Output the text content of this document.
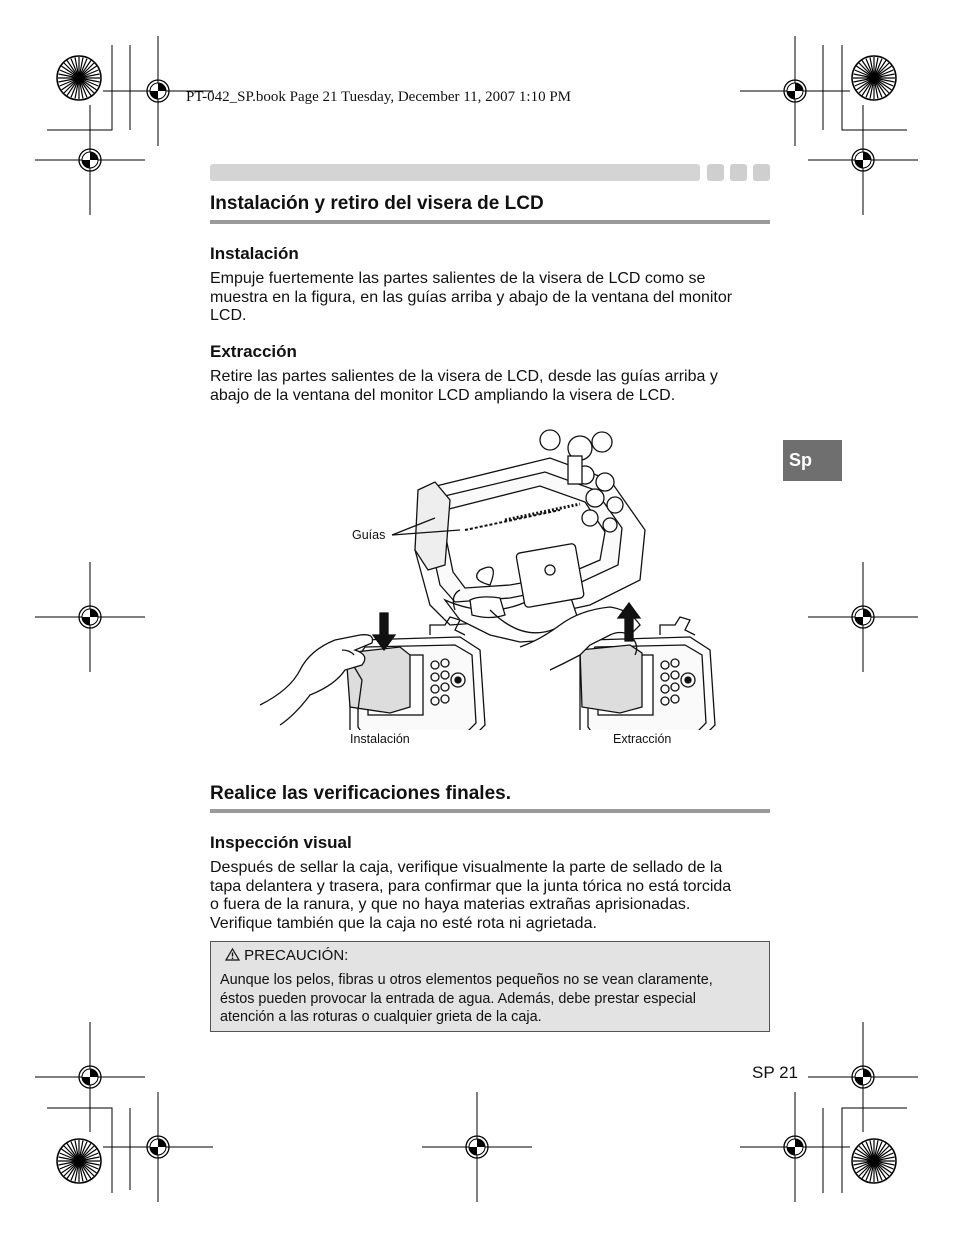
PT-042_SP.book Page 21 Tuesday, December 11, 2007 1:10 PM
Instalación y retiro del visera de LCD
Instalación
Empuje fuertemente las partes salientes de la visera de LCD como se
muestra en la figura, en las guías arriba y abajo de la ventana del monitor
LCD.
Extracción
Retire las partes salientes de la visera de LCD, desde las guías arriba y
abajo de la ventana del monitor LCD ampliando la visera de LCD.
Sp
Guías
Instalación	Extracción
Realice las verificaciones finales.
Inspección visual
Después de sellar la caja, verifique visualmente la parte de sellado de la
tapa delantera y trasera, para confirmar que la junta tórica no está torcida
o fuera de la ranura, y que no haya materias extrañas aprisionadas.
Verifique también que la caja no esté rota ni agrietada.
PRECAUCIÓN:
Aunque los pelos, fibras u otros elementos pequeños no se vean claramente,
éstos pueden provocar la entrada de agua. Además, debe prestar especial
atención a las roturas o cualquier grieta de la caja.
SP 21
